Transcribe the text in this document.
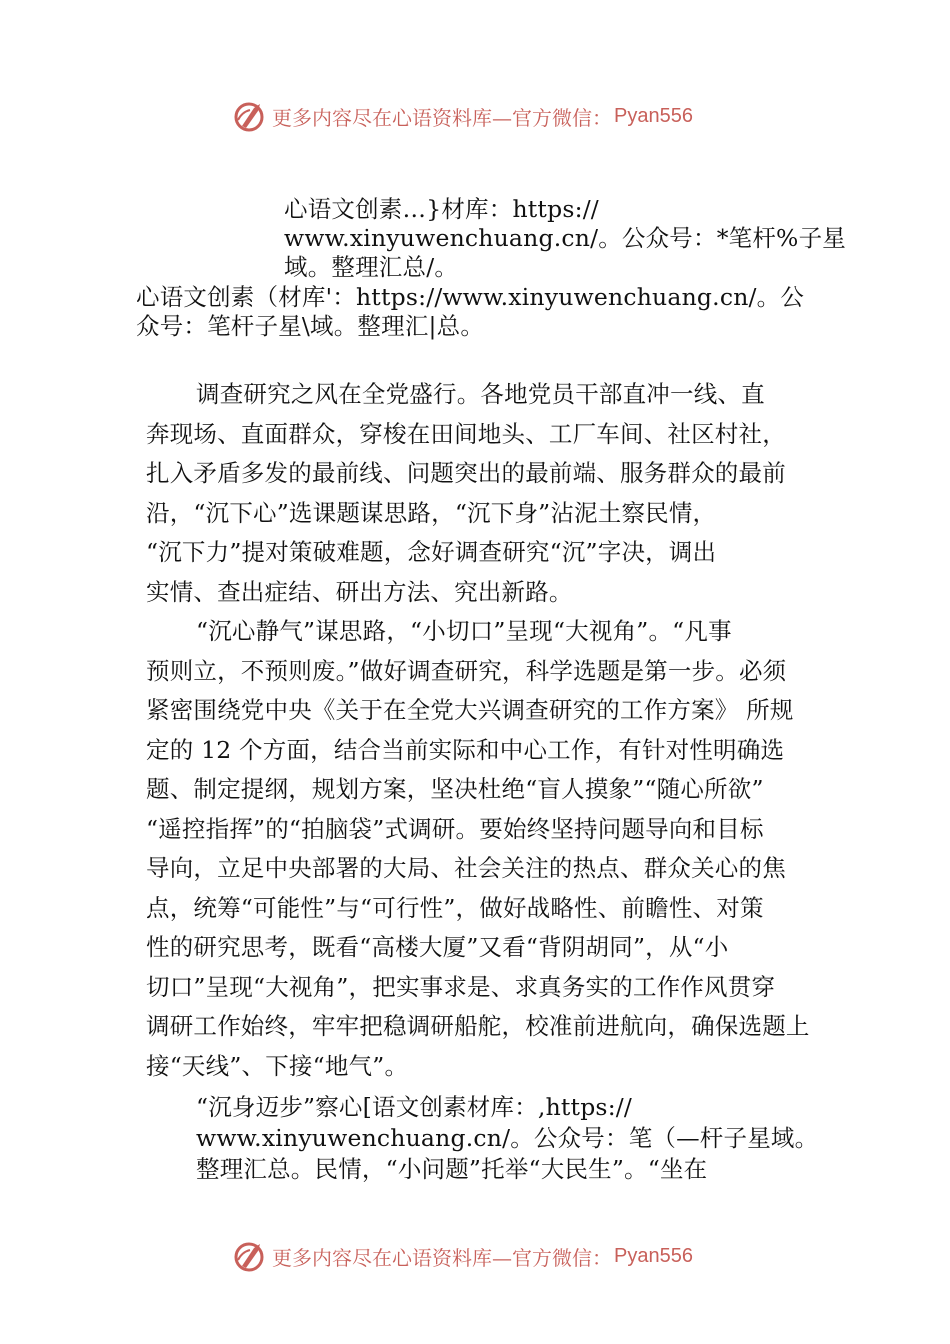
更多内容尽在心语资料库—官方微信： Pyan556
心语文创素…}材库：https://
www.xinyuwenchuang.cn/。公众号：*笔杆%子星
域。整理汇总/。
心语文创素（材库'：https://www.xinyuwenchuang.cn/。公
众号：笔杆子星\域。整理汇|总。
调查研究之风在全党盛行。各地党员干部直冲一线、直
奔现场、直面群众，穿梭在田间地头、工厂车间、社区村社，
扎入矛盾多发的最前线、问题突出的最前端、服务群众的最前
沿，“沉下心”选课题谋思路，“沉下身”沾泥土察民情，
“沉下力”提对策破难题，念好调查研究“沉”字决，调出
实情、查出症结、研出方法、究出新路。
“沉心静气”谋思路，“小切口”呈现“大视角”。“凡事
预则立，不预则废。”做好调查研究，科学选题是第一步。必须
紧密围绕党中央《关于在全党大兴调查研究的工作方案》 所规
定的 12 个方面，结合当前实际和中心工作，有针对性明确选
题、制定提纲，规划方案，坚决杜绝“盲人摸象”“随心所欲”
“遥控指挥”的“拍脑袋”式调研。要始终坚持问题导向和目标
导向，立足中央部署的大局、社会关注的热点、群众关心的焦
点，统筹“可能性”与“可行性”，做好战略性、前瞻性、对策
性的研究思考，既看“高楼大厦”又看“背阴胡同”，从“小
切口”呈现“大视角”，把实事求是、求真务实的工作作风贯穿
调研工作始终，牢牢把稳调研船舵，校准前进航向，确保选题上
接“天线”、下接“地气”。
“沉身迈步”察心[语文创素材库：,https://
www.xinyuwenchuang.cn/。公众号：笔（—杆子星域。
整理汇总。民情，“小问题”托举“大民生”。“坐在
更多内容尽在心语资料库—官方微信： Pyan556
